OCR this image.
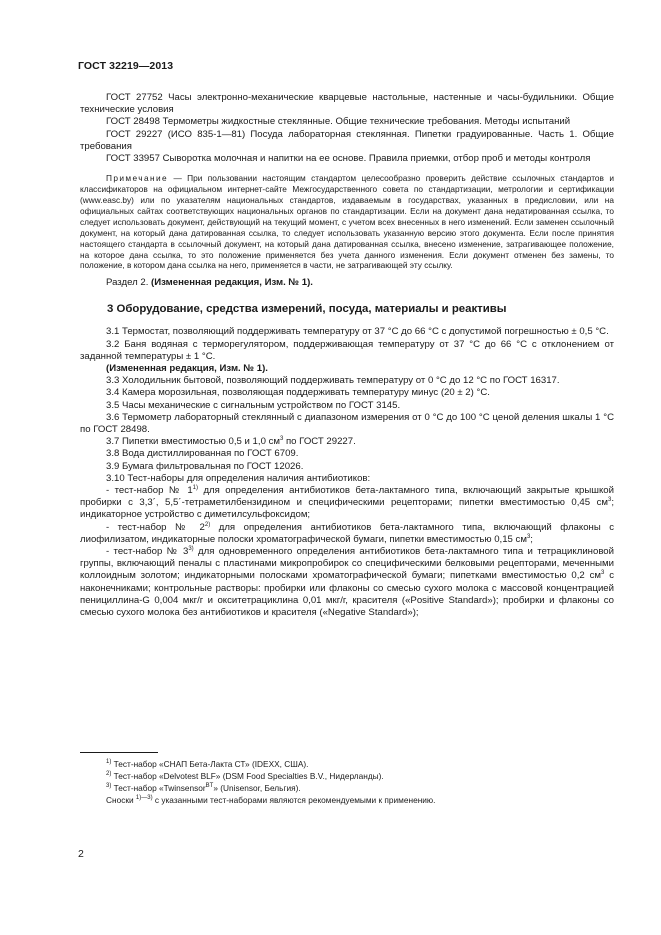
ГОСТ 32219—2013

ГОСТ 27752 Часы электронно-механические кварцевые настольные, настенные и часы-будильники. Общие технические условия

ГОСТ 28498 Термометры жидкостные стеклянные. Общие технические требования. Методы испытаний

ГОСТ 29227 (ИСО 835-1—81) Посуда лабораторная стеклянная. Пипетки градуированные. Часть 1. Общие требования

ГОСТ 33957 Сыворотка молочная и напитки на ее основе. Правила приемки, отбор проб и методы контроля

Примечание — При пользовании настоящим стандартом целесообразно проверить действие ссылочных стандартов и классификаторов на официальном интернет-сайте Межгосударственного совета по стандартизации, метрологии и сертификации (www.easc.by) или по указателям национальных стандартов, издаваемым в государствах, указанных в предисловии, или на официальных сайтах соответствующих национальных органов по стандартизации. Если на документ дана недатированная ссылка, то следует использовать документ, действующий на текущий момент, с учетом всех внесенных в него изменений. Если заменен ссылочный документ, на который дана датированная ссылка, то следует использовать указанную версию этого документа. Если после принятия настоящего стандарта в ссылочный документ, на который дана датированная ссылка, внесено изменение, затрагивающее положение, на которое дана ссылка, то это положение применяется без учета данного изменения. Если документ отменен без замены, то положение, в котором дана ссылка на него, применяется в части, не затрагивающей эту ссылку.

Раздел 2. (Измененная редакция, Изм. № 1).

3 Оборудование, средства измерений, посуда, материалы и реактивы

3.1 Термостат, позволяющий поддерживать температуру от 37 °С до 66 °С с допустимой погрешностью ± 0,5 °С.

3.2 Баня водяная с терморегулятором, поддерживающая температуру от 37 °С до 66 °С с отклонением от заданной температуры ± 1 °С.

(Измененная редакция, Изм. № 1).

3.3 Холодильник бытовой, позволяющий поддерживать температуру от 0 °С до 12 °С по ГОСТ 16317.

3.4 Камера морозильная, позволяющая поддерживать температуру минус (20 ± 2) °С.

3.5 Часы механические с сигнальным устройством по ГОСТ 3145.

3.6 Термометр лабораторный стеклянный с диапазоном измерения от 0 °С до 100 °С ценой деления шкалы 1 °С по ГОСТ 28498.

3.7 Пипетки вместимостью 0,5 и 1,0 $см^3$ по ГОСТ 29227.

3.8 Вода дистиллированная по ГОСТ 6709.

3.9 Бумага фильтровальная по ГОСТ 12026.

3.10 Тест-наборы для определения наличия антибиотиков:

- тест-набор № 1$^{1)}$ для определения антибиотиков бета-лактамного типа, включающий закрытые крышкой пробирки с 3,3´, 5,5´-тетраметилбензидином и специфическими рецепторами; пипетки вместимостью 0,45 $см^3$; индикаторное устройство с диметилсульфоксидом;

- тест-набор № 2$^{2)}$ для определения антибиотиков бета-лактамного типа, включающий флаконы с лиофилизатом, индикаторные полоски хроматографической бумаги, пипетки вместимостью 0,15 $см^3$;

- тест-набор № 3$^{3)}$ для одновременного определения антибиотиков бета-лактамного типа и тетрациклиновой группы, включающий пеналы с пластинами микропробирок со специфическими белковыми рецепторами, меченными коллоидным золотом; индикаторными полосками хроматографической бумаги; пипетками вместимостью 0,2 $см^3$ с наконечниками; контрольные растворы: пробирки или флаконы со смесью сухого молока с массовой концентрацией пенициллина-G 0,004 мкг/г и окситетрациклина 0,01 мкг/г, красителя («Positive Standard»); пробирки и флаконы со смесью сухого молока без антибиотиков и красителя («Negative Standard»);

$^{1)}$ Тест-набор «СНАП Бета-Лакта СТ» (IDEXX, США).

$^{2)}$ Тест-набор «Delvotest BLF» (DSM Food Specialties B.V., Нидерланды).

$^{3)}$ Тест-набор «Twinsensor$^{BT}$» (Unisensor, Бельгия).

Сноски $^{1)—3)}$ с указанными тест-наборами являются рекомендуемыми к применению.

2
